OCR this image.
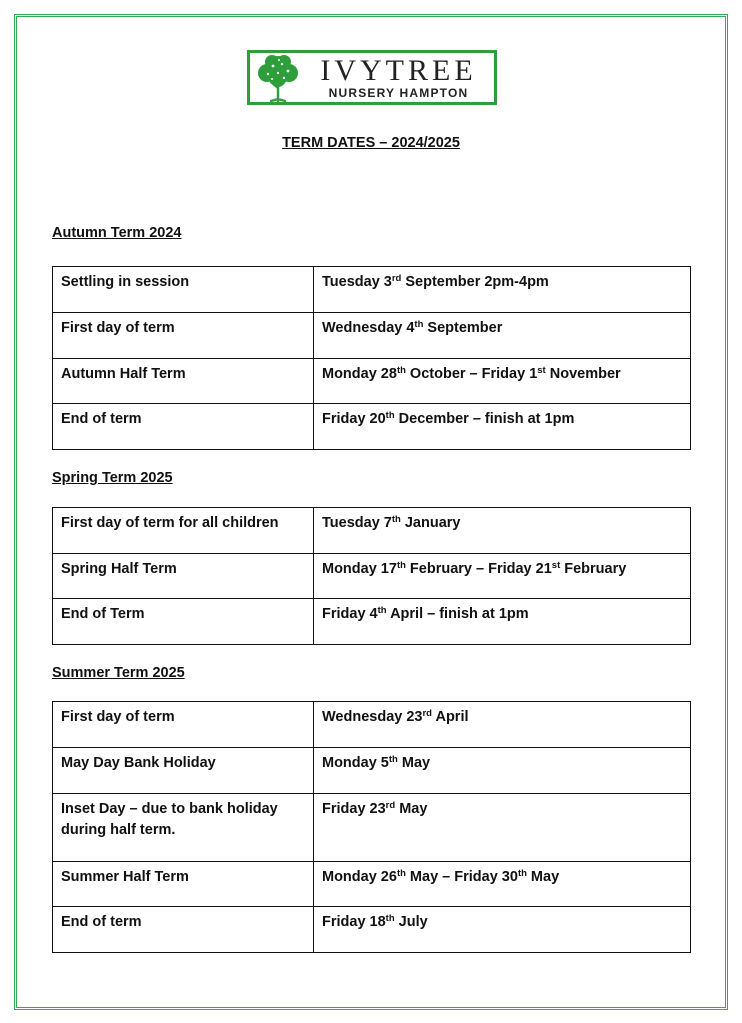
IVYTREE
NURSERY HAMPTON
TERM DATES – 2024/2025
Autumn Term 2024
Settling in session	Tuesday 3rd September 2pm-4pm
First day of term	Wednesday 4th September
Autumn Half Term	Monday 28th October – Friday 1st November
End of term	Friday 20th December – finish at 1pm
Spring Term 2025
First day of term for all children	Tuesday 7th January
Spring Half Term	Monday 17th February – Friday 21st February
End of Term	Friday 4th April – finish at 1pm
Summer Term 2025
First day of term	Wednesday 23rd April
May Day Bank Holiday	Monday 5th May
Inset Day – due to bank holiday during half term.	Friday 23rd May
Summer Half Term	Monday 26th May – Friday 30th May
End of term	Friday 18th July
